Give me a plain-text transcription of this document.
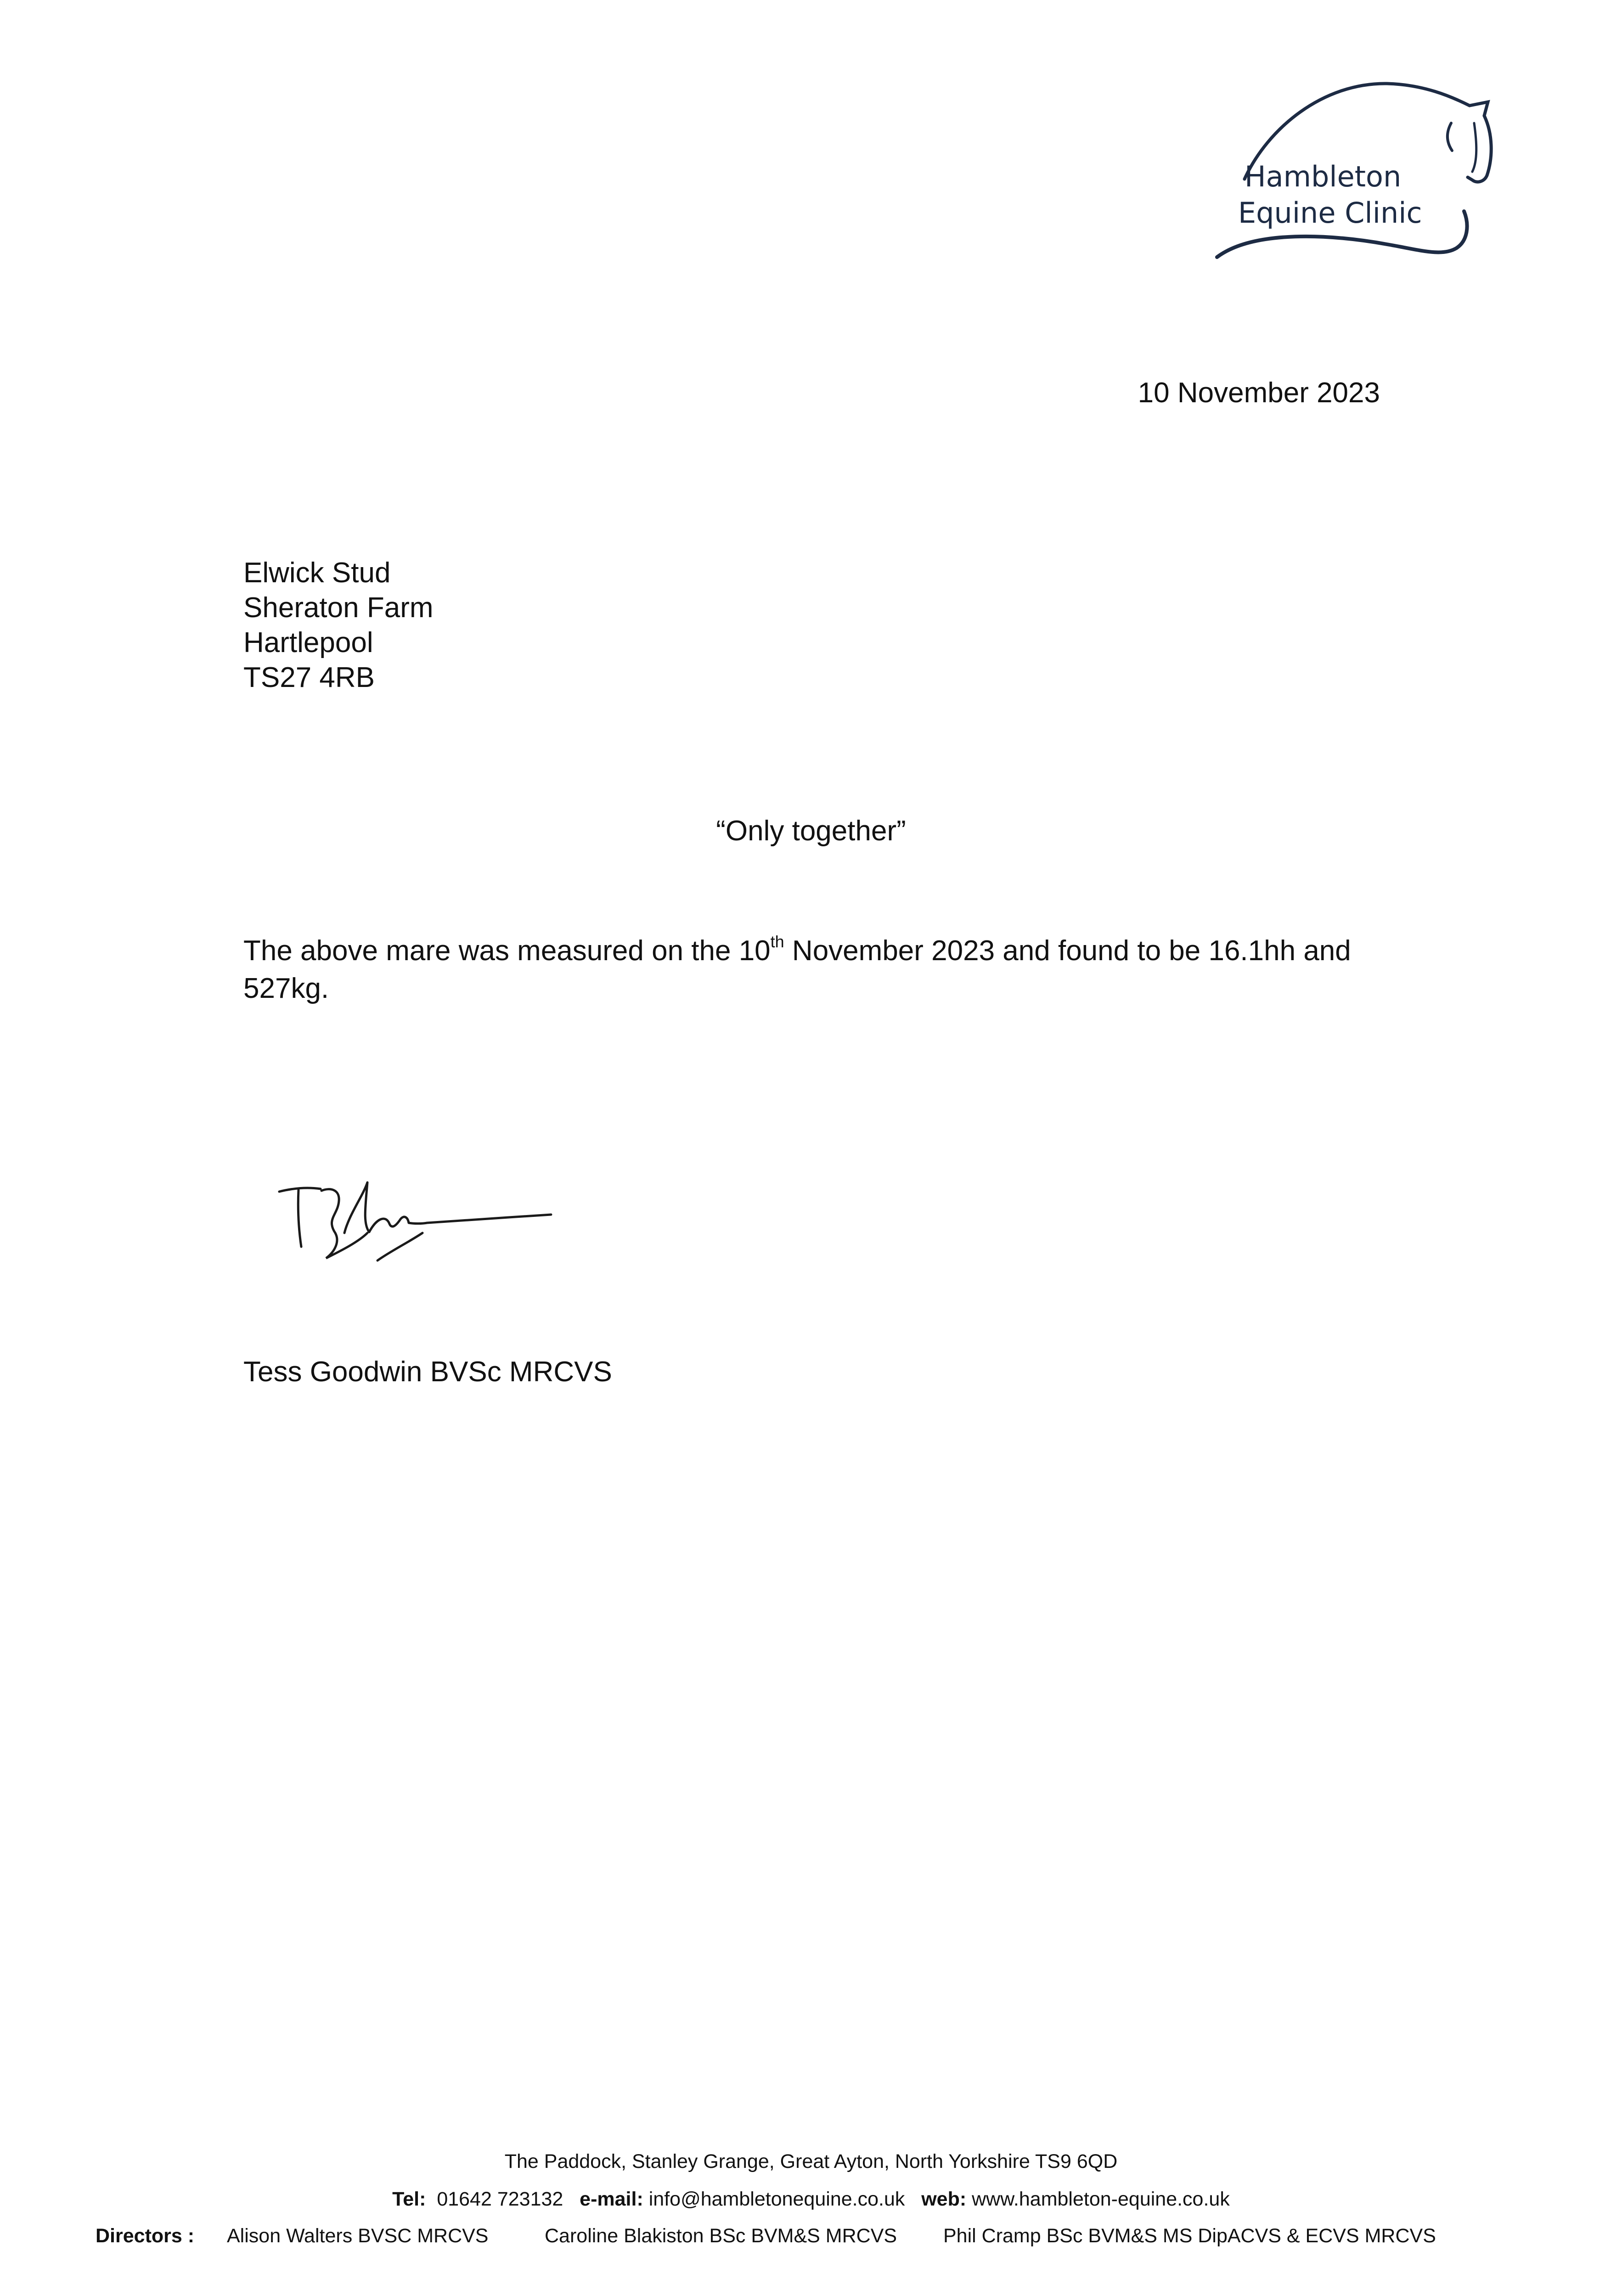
Hambleton
Equine Clinic
10 November 2023
Elwick Stud
Sheraton Farm
Hartlepool
TS27 4RB
“Only together”
The above mare was measured on the 10th November 2023 and found to be 16.1hh and 527kg.
Tess Goodwin BVSc MRCVS
The Paddock, Stanley Grange, Great Ayton, North Yorkshire TS9 6QD
Tel: 01642 723132 e-mail: info@hambletonequine.co.uk web: www.hambleton-equine.co.uk
Directors : Alison Walters BVSC MRCVS	Caroline Blakiston BSc BVM&S MRCVS Phil Cramp BSc BVM&S MS DipACVS & ECVS MRCVS
